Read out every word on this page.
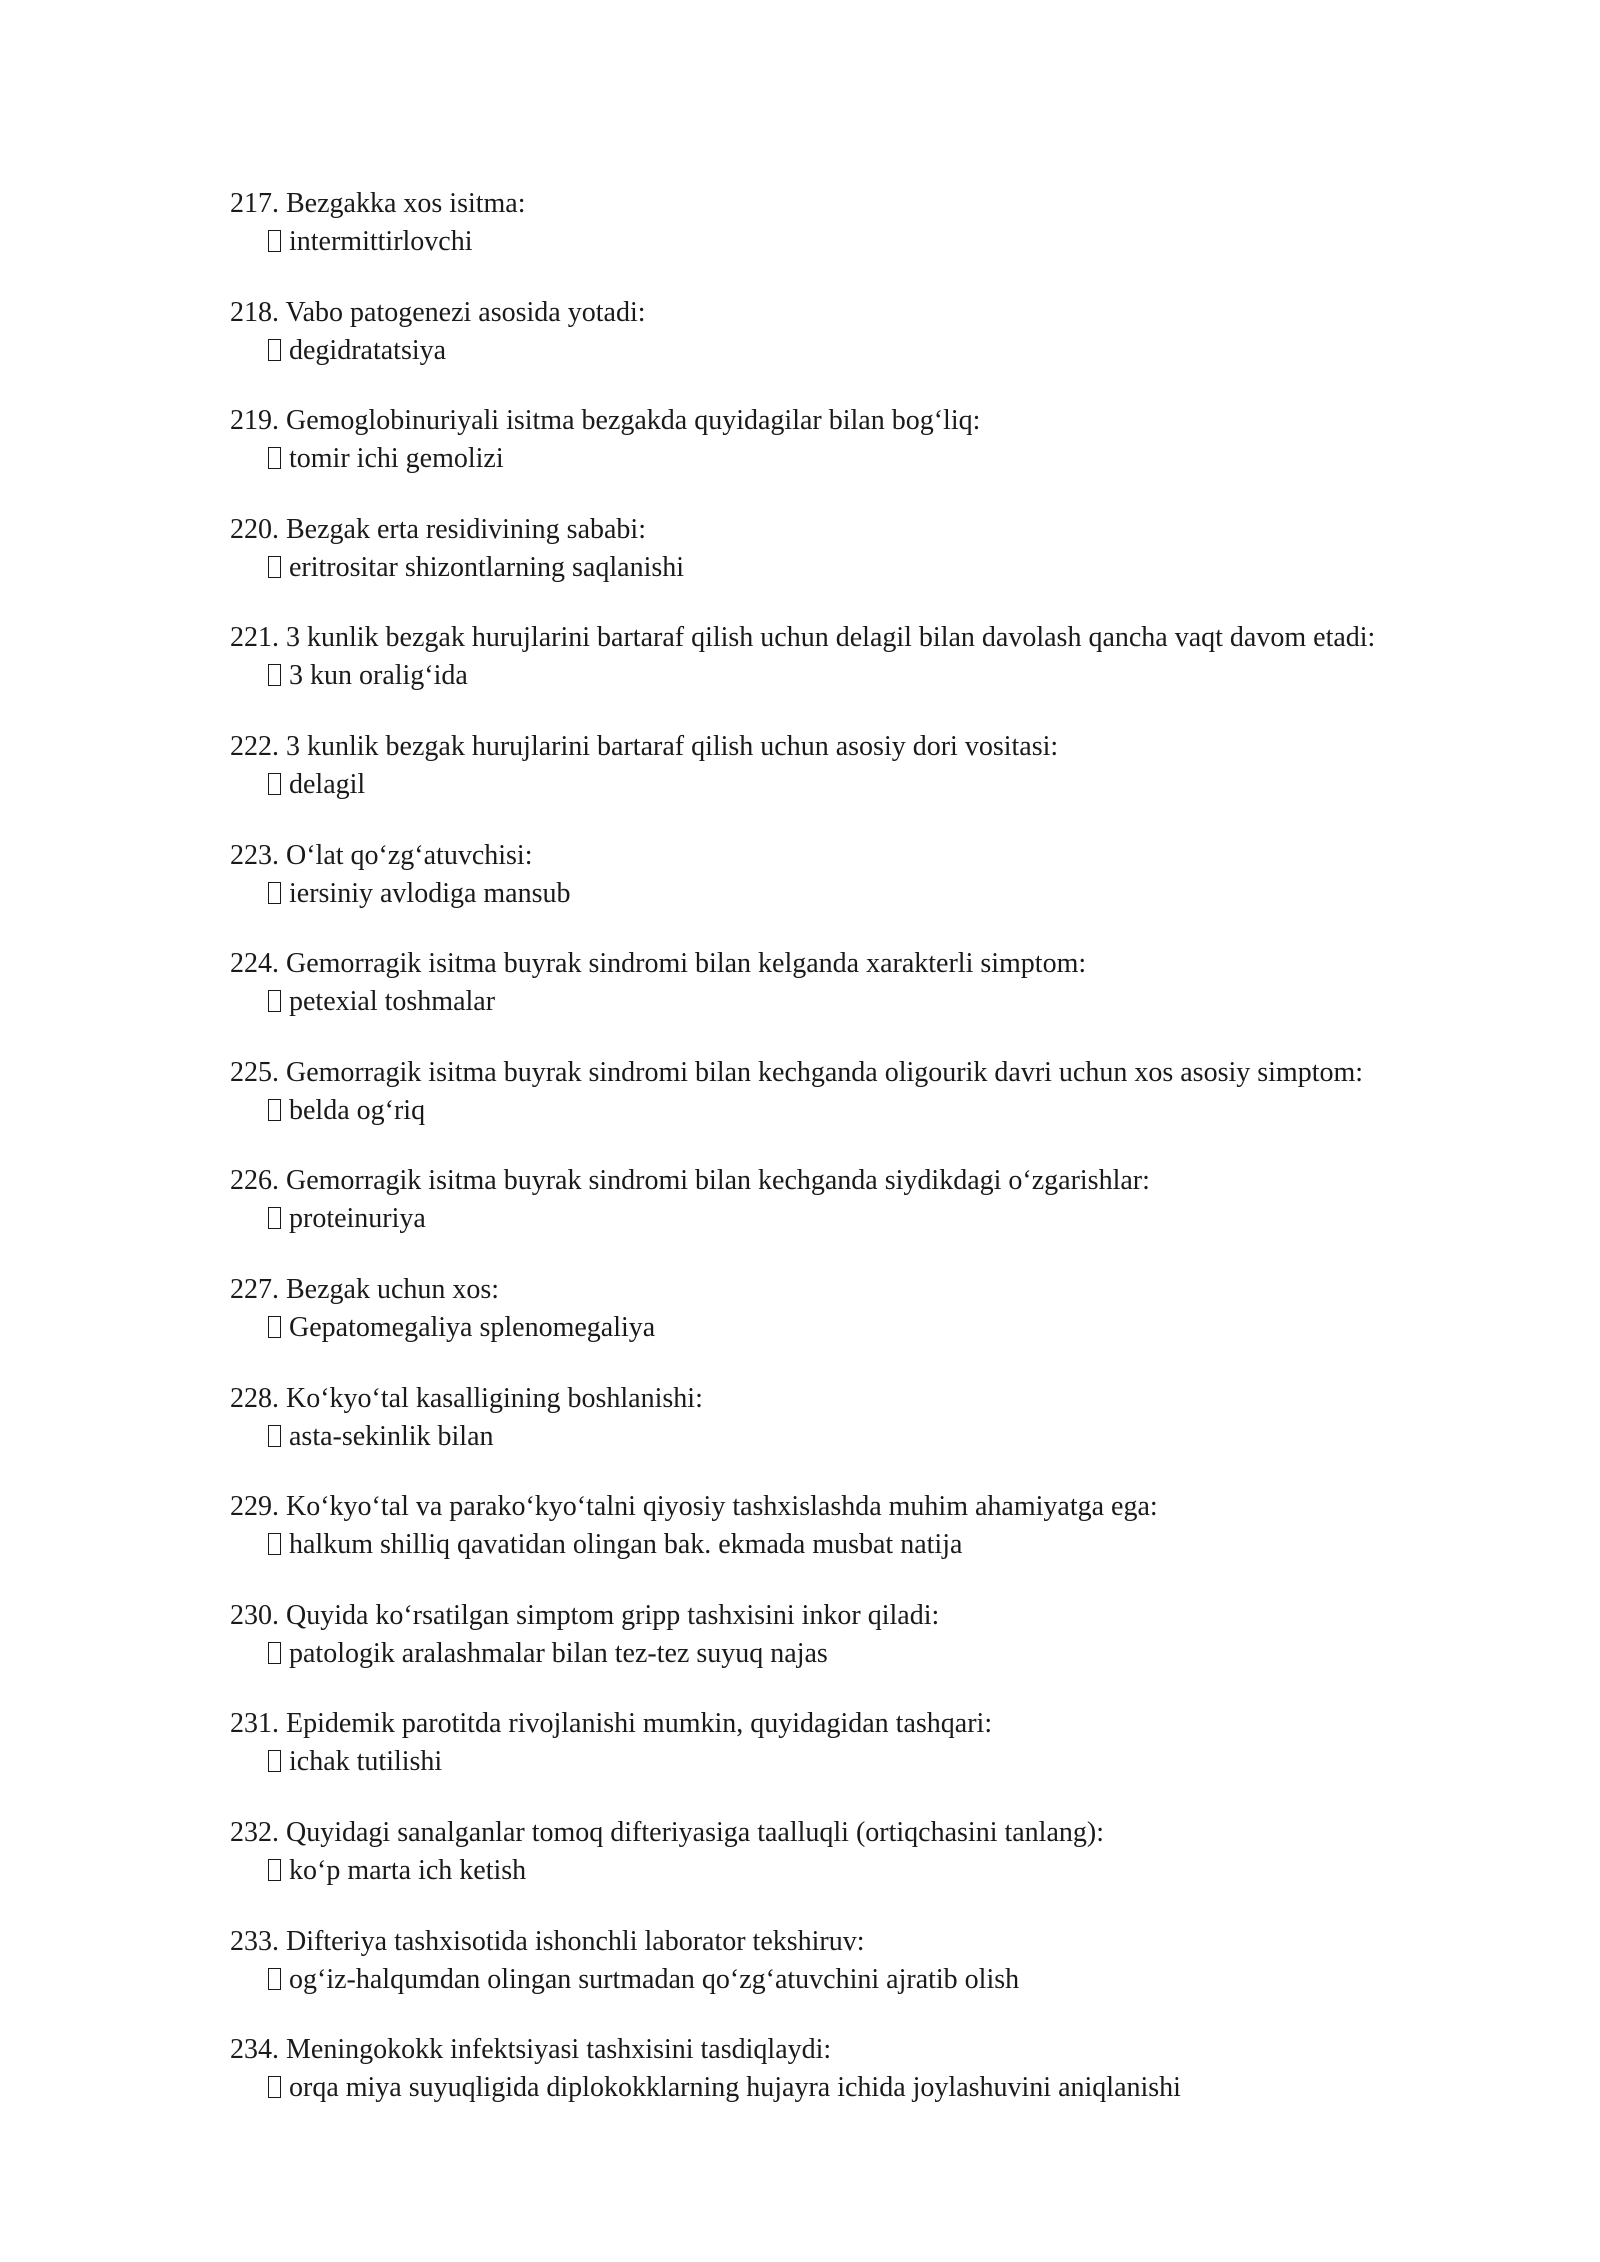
217. Bezgakka xos isitma:
intermittirlovchi
218. Vabo patogenezi asosida yotadi:
degidratatsiya
219. Gemoglobinuriyali isitma bezgakda quyidagilar bilan bog‘liq:
tomir ichi gemolizi
220. Bezgak erta residivining sababi:
eritrositar shizontlarning saqlanishi
221. 3 kunlik bezgak hurujlarini bartaraf qilish uchun delagil bilan davolash qancha vaqt davom etadi:
3 kun oralig‘ida
222. 3 kunlik bezgak hurujlarini bartaraf qilish uchun asosiy dori vositasi:
delagil
223. O‘lat qo‘zg‘atuvchisi:
iersiniy avlodiga mansub
224. Gemorragik isitma buyrak sindromi bilan kelganda xarakterli simptom:
petexial toshmalar
225. Gemorragik isitma buyrak sindromi bilan kechganda oligourik davri uchun xos asosiy simptom:
belda og‘riq
226. Gemorragik isitma buyrak sindromi bilan kechganda siydikdagi o‘zgarishlar:
proteinuriya
227. Bezgak uchun xos:
Gepatomegaliya splenomegaliya
228. Ko‘kyo‘tal kasalligining boshlanishi:
asta-sekinlik bilan
229. Ko‘kyo‘tal va parako‘kyo‘talni qiyosiy tashxislashda muhim ahamiyatga ega:
halkum shilliq qavatidan olingan bak. ekmada musbat natija
230. Quyida ko‘rsatilgan simptom gripp tashxisini inkor qiladi:
patologik aralashmalar bilan tez-tez suyuq najas
231. Epidemik parotitda rivojlanishi mumkin, quyidagidan tashqari:
ichak tutilishi
232. Quyidagi sanalganlar tomoq difteriyasiga taalluqli (ortiqchasini tanlang):
ko‘p marta ich ketish
233. Difteriya tashxisotida ishonchli laborator tekshiruv:
og‘iz-halqumdan olingan surtmadan qo‘zg‘atuvchini ajratib olish
234. Meningokokk infektsiyasi tashxisini tasdiqlaydi:
orqa miya suyuqligida diplokokklarning hujayra ichida joylashuvini aniqlanishi
